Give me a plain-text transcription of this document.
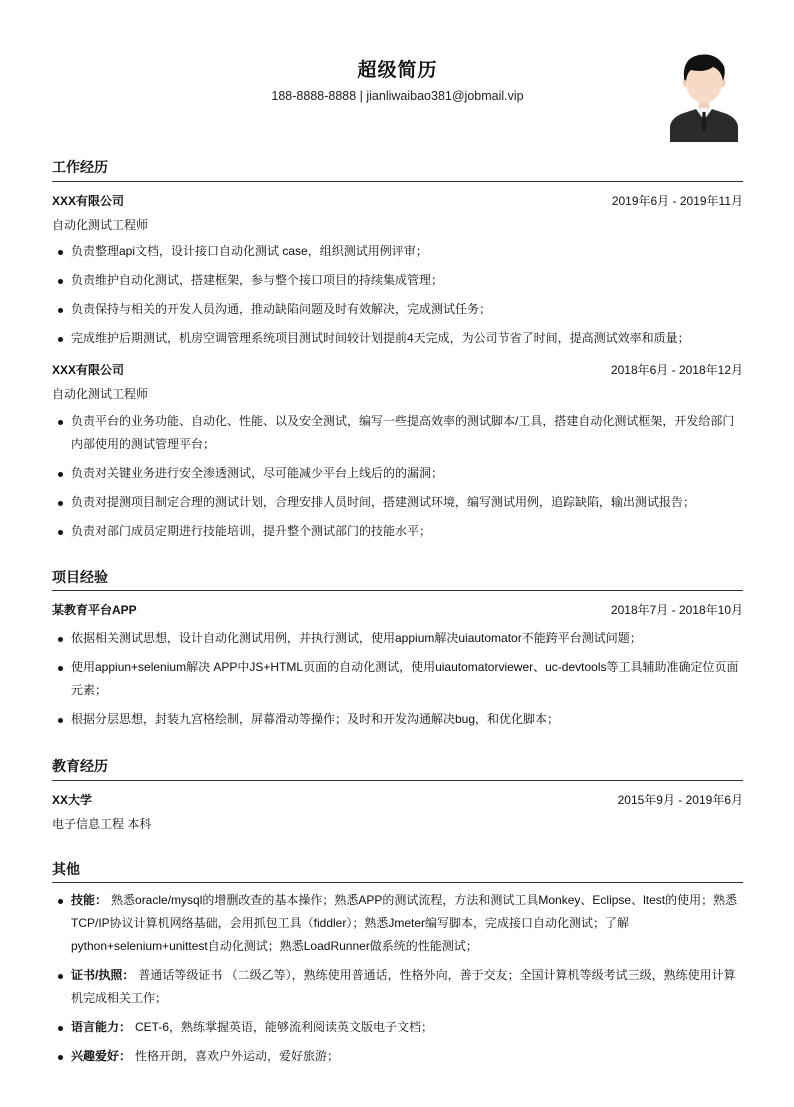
超级简历
188-8888-8888 | jianliwaibao381@jobmail.vip
工作经历
XXX有限公司	2019年6月 - 2019年11月
自动化测试工程师
负责整理api文档，设计接口自动化测试 case，组织测试用例评审；
负责维护自动化测试，搭建框架，参与整个接口项目的持续集成管理；
负责保持与相关的开发人员沟通，推动缺陷问题及时有效解决，完成测试任务；
完成维护后期测试，机房空调管理系统项目测试时间较计划提前4天完成，为公司节省了时间，提高测试效率和质量；
XXX有限公司	2018年6月 - 2018年12月
自动化测试工程师
负责平台的业务功能、自动化、性能、以及安全测试，编写一些提高效率的测试脚本/工具，搭建自动化测试框架，开发给部门内部使用的测试管理平台；
负责对关键业务进行安全渗透测试，尽可能减少平台上线后的的漏洞；
负责对提测项目制定合理的测试计划，合理安排人员时间，搭建测试环境，编写测试用例，追踪缺陷，输出测试报告；
负责对部门成员定期进行技能培训，提升整个测试部门的技能水平；
项目经验
某教育平台APP	2018年7月 - 2018年10月
依据相关测试思想，设计自动化测试用例，并执行测试，使用appium解决uiautomator不能跨平台测试问题；
使用appiun+selenium解决 APP中JS+HTML页面的自动化测试，使用uiautomatorviewer、uc-devtools等工具辅助准确定位页面元素；
根据分层思想，封装九宫格绘制，屏幕滑动等操作；及时和开发沟通解决bug，和优化脚本；
教育经历
XX大学	2015年9月 - 2019年6月
电子信息工程 本科
其他
技能： 熟悉oracle/mysql的增删改查的基本操作；熟悉APP的测试流程，方法和测试工具Monkey、Eclipse、ltest的使用；熟悉TCP/IP协议计算机网络基础，会用抓包工具（fiddler）；熟悉Jmeter编写脚本，完成接口自动化测试；了解python+selenium+unittest自动化测试；熟悉LoadRunner做系统的性能测试；
证书/执照： 普通话等级证书 （二级乙等），熟练使用普通话，性格外向，善于交友；全国计算机等级考试三级，熟练使用计算机完成相关工作；
语言能力： CET-6，熟练掌握英语，能够流利阅读英文版电子文档；
兴趣爱好： 性格开朗，喜欢户外运动，爱好旅游；
